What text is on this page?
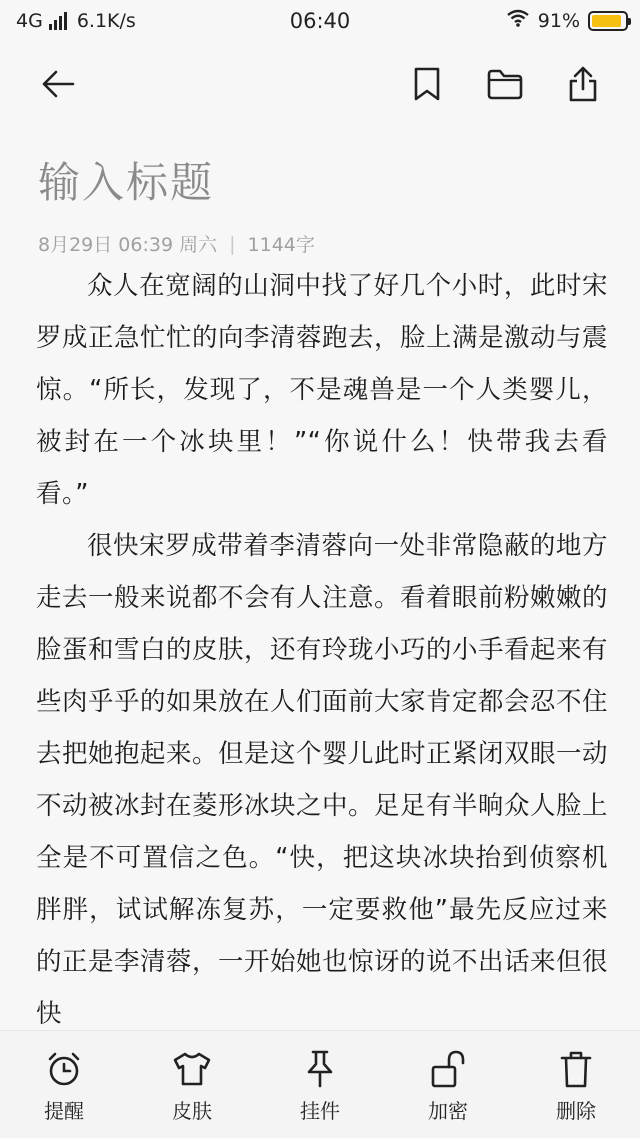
4G 6.1K/s	06:40	91%
输入标题
8月29日 06:39 周六 | 1144字

众人在宽阔的山洞中找了好几个小时，此时宋罗成正急忙忙的向李清蓉跑去，脸上满是激动与震惊。“所长，发现了，不是魂兽是一个人类婴儿，被封在一个冰块里！”“你说什么！快带我去看看。”

很快宋罗成带着李清蓉向一处非常隐蔽的地方走去一般来说都不会有人注意。看着眼前粉嫩嫩的脸蛋和雪白的皮肤，还有玲珑小巧的小手看起来有些肉乎乎的如果放在人们面前大家肯定都会忍不住去把她抱起来。但是这个婴儿此时正紧闭双眼一动不动被冰封在菱形冰块之中。足足有半晌众人脸上全是不可置信之色。“快，把这块冰块抬到侦察机胖胖，试试解冻复苏，一定要救他”最先反应过来的正是李清蓉，一开始她也惊讶的说不出话来但很快

提醒	皮肤	挂件	加密	删除
